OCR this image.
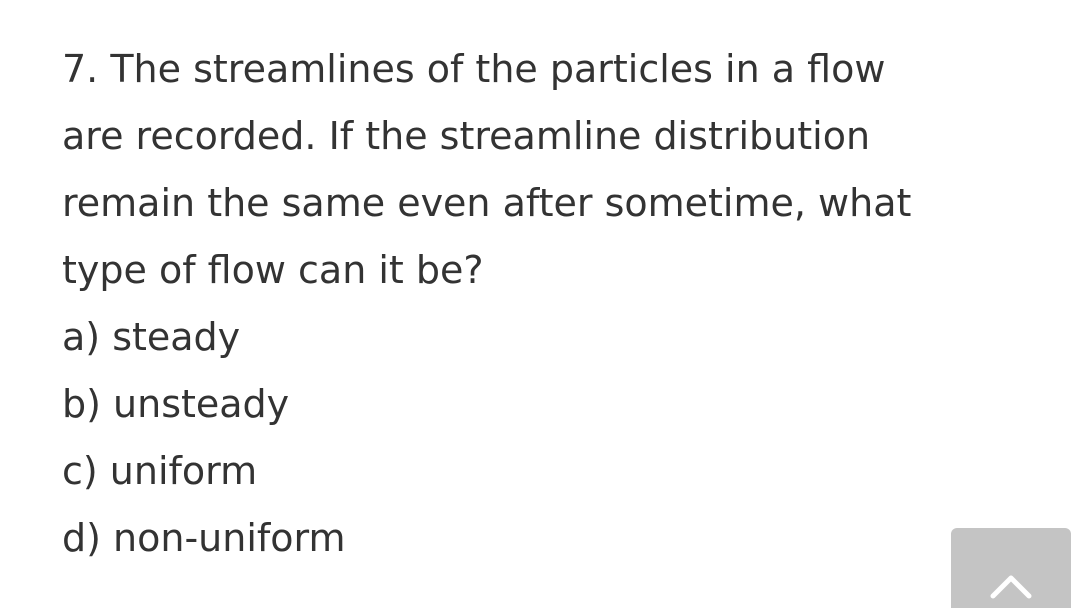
7. The streamlines of the particles in a flow
are recorded. If the streamline distribution
remain the same even after sometime, what
type of flow can it be?
a) steady
b) unsteady
c) uniform
d) non-uniform
